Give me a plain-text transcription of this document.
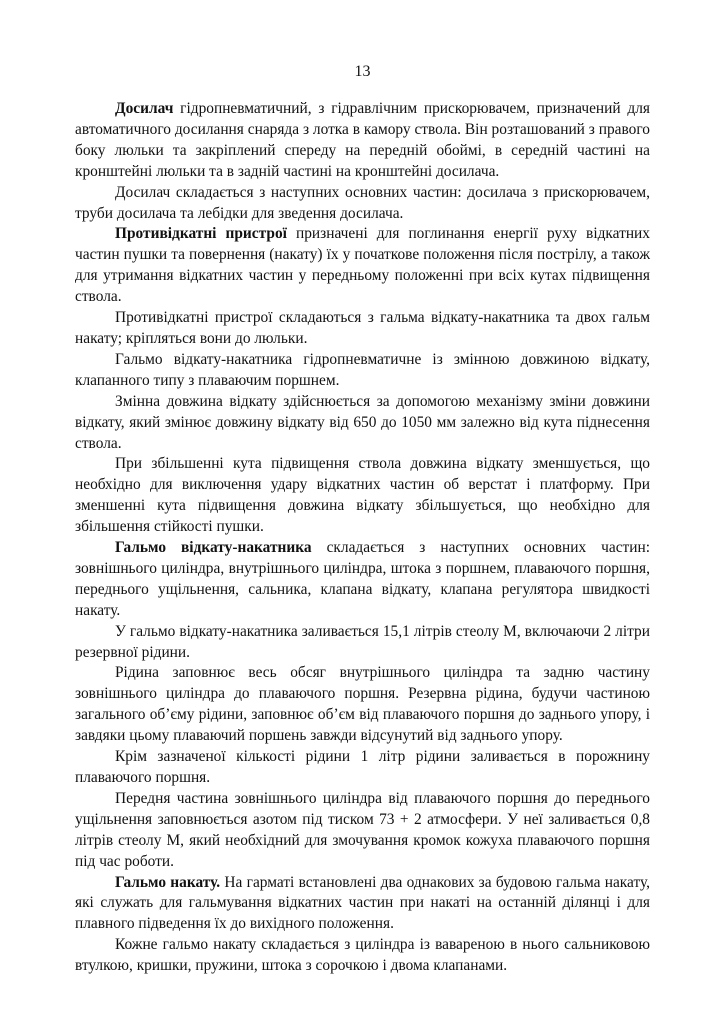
13

Досилач гідропневматичний, з гідравлічним прискорювачем, призначений для автоматичного досилання снаряда з лотка в камору ствола. Він розташований з правого боку люльки та закріплений спереду на передній обоймі, в середній частині на кронштейні люльки та в задній частині на кронштейні досилача.

Досилач складається з наступних основних частин: досилача з прискорювачем, труби досилача та лебідки для зведення досилача.

Противідкатні пристрої призначені для поглинання енергії руху відкатних частин пушки та повернення (накату) їх у початкове положення після пострілу, а також для утримання відкатних частин у передньому положенні при всіх кутах підвищення ствола.

Противідкатні пристрої складаються з гальма відкату-накатника та двох гальм накату; кріпляться вони до люльки.

Гальмо відкату-накатника гідропневматичне із змінною довжиною відкату, клапанного типу з плаваючим поршнем.

Змінна довжина відкату здійснюється за допомогою механізму зміни довжини відкату, який змінює довжину відкату від 650 до 1050 мм залежно від кута піднесення ствола.

При збільшенні кута підвищення ствола довжина відкату зменшується, що необхідно для виключення удару відкатних частин об верстат і платформу. При зменшенні кута підвищення довжина відкату збільшується, що необхідно для збільшення стійкості пушки.

Гальмо відкату-накатника складається з наступних основних частин: зовнішнього циліндра, внутрішнього циліндра, штока з поршнем, плаваючого поршня, переднього ущільнення, сальника, клапана відкату, клапана регулятора швидкості накату.

У гальмо відкату-накатника заливається 15,1 літрів стеолу М, включаючи 2 літри резервної рідини.

Рідина заповнює весь обсяг внутрішнього циліндра та задню частину зовнішнього циліндра до плаваючого поршня. Резервна рідина, будучи частиною загального об’єму рідини, заповнює об’єм від плаваючого поршня до заднього упору, і завдяки цьому плаваючий поршень завжди відсунутий від заднього упору.

Крім зазначеної кількості рідини 1 літр рідини заливається в порожнину плаваючого поршня.

Передня частина зовнішнього циліндра від плаваючого поршня до переднього ущільнення заповнюється азотом під тиском 73 + 2 атмосфери. У неї заливається 0,8 літрів стеолу М, який необхідний для змочування кромок кожуха плаваючого поршня під час роботи.

Гальмо накату. На гарматі встановлені два однакових за будовою гальма накату, які служать для гальмування відкатних частин при накаті на останній ділянці і для плавного підведення їх до вихідного положення.

Кожне гальмо накату складається з циліндра із вавареною в нього сальниковою втулкою, кришки, пружини, штока з сорочкою і двома клапанами.
